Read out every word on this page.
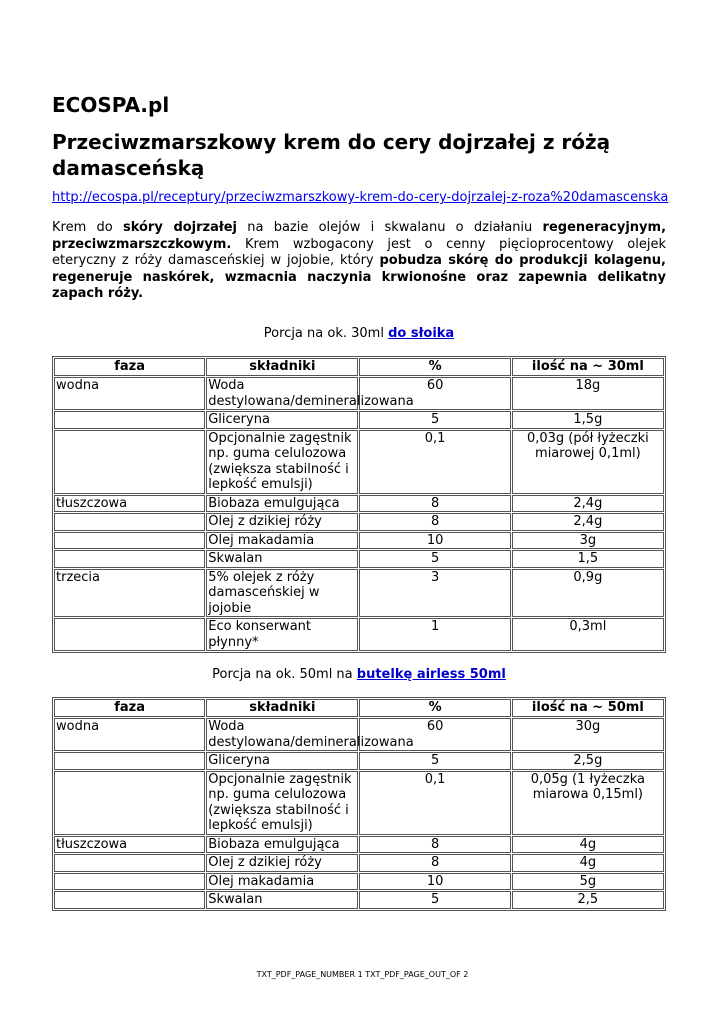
ECOSPA.pl
Przeciwzmarszkowy krem do cery dojrzałej z różą damasceńską
http://ecospa.pl/receptury/przeciwzmarszkowy-krem-do-cery-dojrzalej-z-roza%20damascenska

Krem do skóry dojrzałej na bazie olejów i skwalanu o działaniu regeneracyjnym, przeciwzmarszczkowym. Krem wzbogacony jest o cenny pięcioprocentowy olejek eteryczny z róży damasceńskiej w jojobie, który pobudza skórę do produkcji kolagenu, regeneruje naskórek, wzmacnia naczynia krwionośne oraz zapewnia delikatny zapach róży.

Porcja na ok. 30ml do słoika
faza	składniki	%	ilość na ~ 30ml
wodna	Woda destylowana/demineralizowana	60	18g
	Gliceryna	5	1,5g
	Opcjonalnie zagęstnik np. guma celulozowa (zwiększa stabilność i lepkość emulsji)	0,1	0,03g (pół łyżeczki miarowej 0,1ml)
tłuszczowa	Biobaza emulgująca	8	2,4g
	Olej z dzikiej róży	8	2,4g
	Olej makadamia	10	3g
	Skwalan	5	1,5
trzecia	5% olejek z róży damasceńskiej w jojobie	3	0,9g
	Eco konserwant płynny*	1	0,3ml
Porcja na ok. 50ml na butelkę airless 50ml
faza	składniki	%	ilość na ~ 50ml
wodna	Woda destylowana/demineralizowana	60	30g
	Gliceryna	5	2,5g
	Opcjonalnie zagęstnik np. guma celulozowa (zwiększa stabilność i lepkość emulsji)	0,1	0,05g (1 łyżeczka miarowa 0,15ml)
tłuszczowa	Biobaza emulgująca	8	4g
	Olej z dzikiej róży	8	4g
	Olej makadamia	10	5g
	Skwalan	5	2,5
TXT_PDF_PAGE_NUMBER 1 TXT_PDF_PAGE_OUT_OF 2
